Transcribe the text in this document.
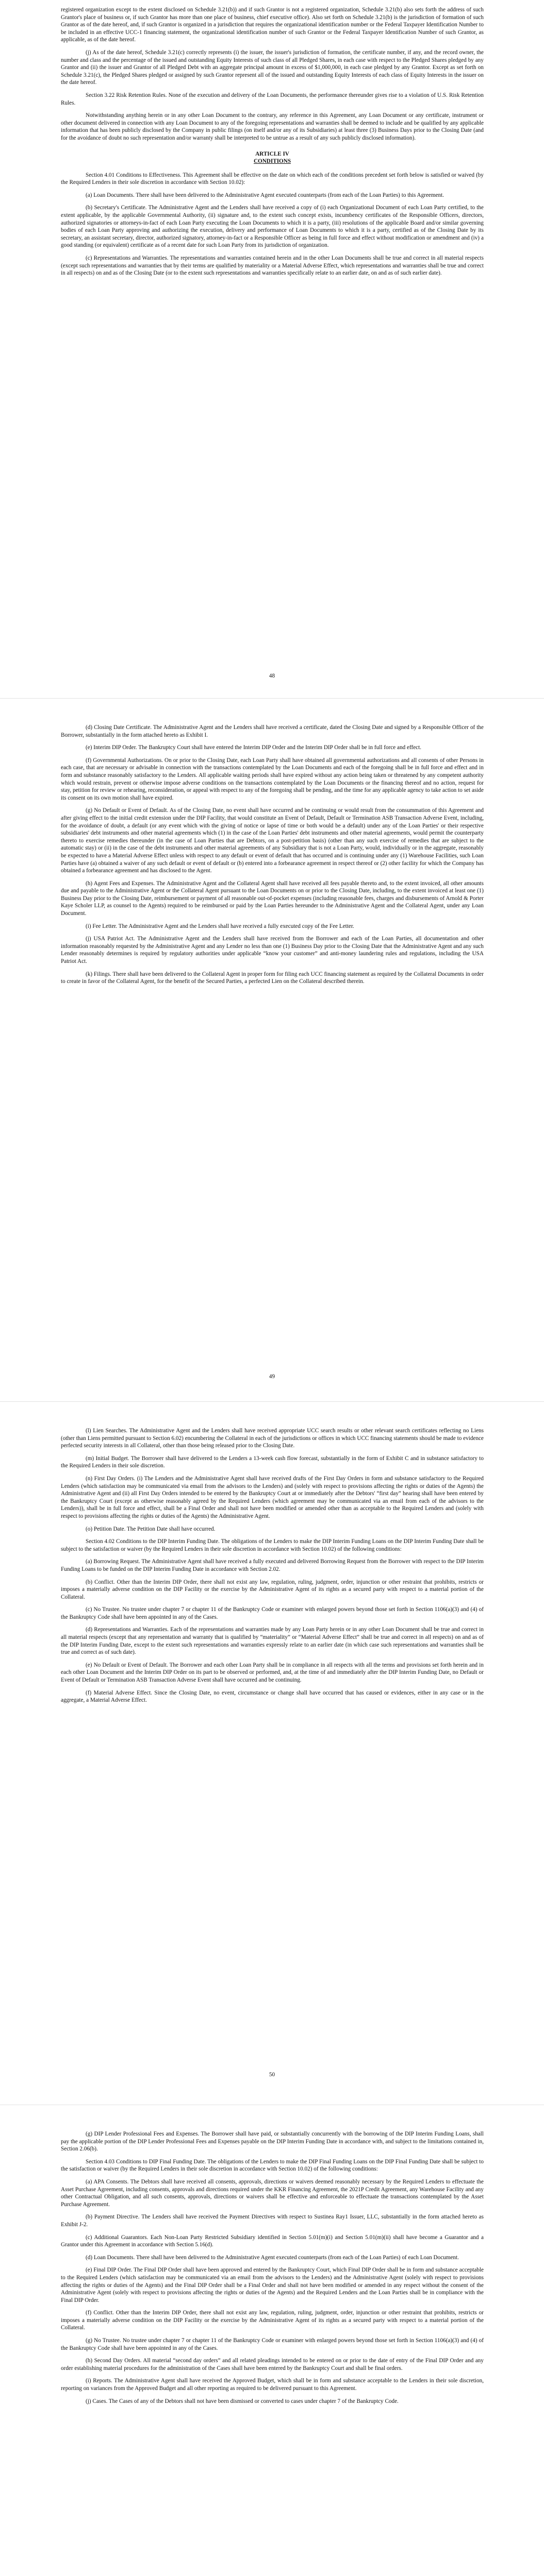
registered organization except to the extent disclosed on Schedule 3.21(b)) and if such Grantor is not a registered organization, Schedule 3.21(b) also sets forth the address of such Grantor's place of business or, if such Grantor has more than one place of business, chief executive office). Also set forth on Schedule 3.21(b) is the jurisdiction of formation of such Grantor as of the date hereof, and, if such Grantor is organized in a jurisdiction that requires the organizational identification number or the Federal Taxpayer Identification Number to be included in an effective UCC-1 financing statement, the organizational identification number of such Grantor or the Federal Taxpayer Identification Number of such Grantor, as applicable, as of the date hereof.

(j) As of the date hereof, Schedule 3.21(c) correctly represents (i) the issuer, the issuer's jurisdiction of formation, the certificate number, if any, and the record owner, the number and class and the percentage of the issued and outstanding Equity Interests of such class of all Pledged Shares, in each case with respect to the Pledged Shares pledged by any Grantor and (ii) the issuer and Grantor of all Pledged Debt with an aggregate principal amount in excess of $1,000,000, in each case pledged by any Grantor. Except as set forth on Schedule 3.21(c), the Pledged Shares pledged or assigned by such Grantor represent all of the issued and outstanding Equity Interests of each class of Equity Interests in the issuer on the date hereof.

Section 3.22 Risk Retention Rules. None of the execution and delivery of the Loan Documents, the performance thereunder gives rise to a violation of U.S. Risk Retention Rules.

Notwithstanding anything herein or in any other Loan Document to the contrary, any reference in this Agreement, any Loan Document or any certificate, instrument or other document delivered in connection with any Loan Document to any of the foregoing representations and warranties shall be deemed to include and be qualified by any applicable information that has been publicly disclosed by the Company in public filings (on itself and/or any of its Subsidiaries) at least three (3) Business Days prior to the Closing Date (and for the avoidance of doubt no such representation and/or warranty shall be interpreted to be untrue as a result of any such publicly disclosed information).

ARTICLE IV

CONDITIONS

Section 4.01 Conditions to Effectiveness. This Agreement shall be effective on the date on which each of the conditions precedent set forth below is satisfied or waived (by the Required Lenders in their sole discretion in accordance with Section 10.02):

(a) Loan Documents. There shall have been delivered to the Administrative Agent executed counterparts (from each of the Loan Parties) to this Agreement.

(b) Secretary's Certificate. The Administrative Agent and the Lenders shall have received a copy of (i) each Organizational Document of each Loan Party certified, to the extent applicable, by the applicable Governmental Authority, (ii) signature and, to the extent such concept exists, incumbency certificates of the Responsible Officers, directors, authorized signatories or attorneys-in-fact of each Loan Party executing the Loan Documents to which it is a party, (iii) resolutions of the applicable Board and/or similar governing bodies of each Loan Party approving and authorizing the execution, delivery and performance of Loan Documents to which it is a party, certified as of the Closing Date by its secretary, an assistant secretary, director, authorized signatory, attorney-in-fact or a Responsible Officer as being in full force and effect without modification or amendment and (iv) a good standing (or equivalent) certificate as of a recent date for such Loan Party from its jurisdiction of organization.

(c) Representations and Warranties. The representations and warranties contained herein and in the other Loan Documents shall be true and correct in all material respects (except such representations and warranties that by their terms are qualified by materiality or a Material Adverse Effect, which representations and warranties shall be true and correct in all respects) on and as of the Closing Date (or to the extent such representations and warranties specifically relate to an earlier date, on and as of such earlier date).

48

(d) Closing Date Certificate. The Administrative Agent and the Lenders shall have received a certificate, dated the Closing Date and signed by a Responsible Officer of the Borrower, substantially in the form attached hereto as Exhibit I.

(e) Interim DIP Order. The Bankruptcy Court shall have entered the Interim DIP Order and the Interim DIP Order shall be in full force and effect.

(f) Governmental Authorizations. On or prior to the Closing Date, each Loan Party shall have obtained all governmental authorizations and all consents of other Persons in each case, that are necessary or advisable in connection with the transactions contemplated by the Loan Documents and each of the foregoing shall be in full force and effect and in form and substance reasonably satisfactory to the Lenders. All applicable waiting periods shall have expired without any action being taken or threatened by any competent authority which would restrain, prevent or otherwise impose adverse conditions on the transactions contemplated by the Loan Documents or the financing thereof and no action, request for stay, petition for review or rehearing, reconsideration, or appeal with respect to any of the foregoing shall be pending, and the time for any applicable agency to take action to set aside its consent on its own motion shall have expired.

(g) No Default or Event of Default. As of the Closing Date, no event shall have occurred and be continuing or would result from the consummation of this Agreement and after giving effect to the initial credit extension under the DIP Facility, that would constitute an Event of Default, Default or Termination ASB Transaction Adverse Event, including, for the avoidance of doubt, a default (or any event which with the giving of notice or lapse of time or both would be a default) under any of the Loan Parties' or their respective subsidiaries' debt instruments and other material agreements which (1) in the case of the Loan Parties' debt instruments and other material agreements, would permit the counterparty thereto to exercise remedies thereunder (in the case of Loan Parties that are Debtors, on a post-petition basis) (other than any such exercise of remedies that are subject to the automatic stay) or (ii) in the case of the debt instruments and other material agreements of any Subsidiary that is not a Loan Party, would, individually or in the aggregate, reasonably be expected to have a Material Adverse Effect unless with respect to any default or event of default that has occurred and is continuing under any (1) Warehouse Facilities, such Loan Parties have (a) obtained a waiver of any such default or event of default or (b) entered into a forbearance agreement in respect thereof or (2) other facility for which the Company has obtained a forbearance agreement and has disclosed to the Agent.

(h) Agent Fees and Expenses. The Administrative Agent and the Collateral Agent shall have received all fees payable thereto and, to the extent invoiced, all other amounts due and payable to the Administrative Agent or the Collateral Agent pursuant to the Loan Documents on or prior to the Closing Date, including, to the extent invoiced at least one (1) Business Day prior to the Closing Date, reimbursement or payment of all reasonable out-of-pocket expenses (including reasonable fees, charges and disbursements of Arnold & Porter Kaye Scholer LLP, as counsel to the Agents) required to be reimbursed or paid by the Loan Parties hereunder to the Administrative Agent and the Collateral Agent, under any Loan Document.

(i) Fee Letter. The Administrative Agent and the Lenders shall have received a fully executed copy of the Fee Letter.

(j) USA Patriot Act. The Administrative Agent and the Lenders shall have received from the Borrower and each of the Loan Parties, all documentation and other information reasonably requested by the Administrative Agent and any Lender no less than one (1) Business Day prior to the Closing Date that the Administrative Agent and any such Lender reasonably determines is required by regulatory authorities under applicable “know your customer” and anti-money laundering rules and regulations, including the USA Patriot Act.

(k) Filings. There shall have been delivered to the Collateral Agent in proper form for filing each UCC financing statement as required by the Collateral Documents in order to create in favor of the Collateral Agent, for the benefit of the Secured Parties, a perfected Lien on the Collateral described therein.

49

(l) Lien Searches. The Administrative Agent and the Lenders shall have received appropriate UCC search results or other relevant search certificates reflecting no Liens (other than Liens permitted pursuant to Section 6.02) encumbering the Collateral in each of the jurisdictions or offices in which UCC financing statements should be made to evidence perfected security interests in all Collateral, other than those being released prior to the Closing Date.

(m) Initial Budget. The Borrower shall have delivered to the Lenders a 13-week cash flow forecast, substantially in the form of Exhibit C and in substance satisfactory to the Required Lenders in their sole discretion.

(n) First Day Orders. (i) The Lenders and the Administrative Agent shall have received drafts of the First Day Orders in form and substance satisfactory to the Required Lenders (which satisfaction may be communicated via email from the advisors to the Lenders) and (solely with respect to provisions affecting the rights or duties of the Agents) the Administrative Agent and (ii) all First Day Orders intended to be entered by the Bankruptcy Court at or immediately after the Debtors' “first day” hearing shall have been entered by the Bankruptcy Court (except as otherwise reasonably agreed by the Required Lenders (which agreement may be communicated via an email from each of the advisors to the Lenders)), shall be in full force and effect, shall be a Final Order and shall not have been modified or amended other than as acceptable to the Required Lenders and (solely with respect to provisions affecting the rights or duties of the Agents) the Administrative Agent.

(o) Petition Date. The Petition Date shall have occurred.

Section 4.02 Conditions to the DIP Interim Funding Date. The obligations of the Lenders to make the DIP Interim Funding Loans on the DIP Interim Funding Date shall be subject to the satisfaction or waiver (by the Required Lenders in their sole discretion in accordance with Section 10.02) of the following conditions:

(a) Borrowing Request. The Administrative Agent shall have received a fully executed and delivered Borrowing Request from the Borrower with respect to the DIP Interim Funding Loans to be funded on the DIP Interim Funding Date in accordance with Section 2.02.

(b) Conflict. Other than the Interim DIP Order, there shall not exist any law, regulation, ruling, judgment, order, injunction or other restraint that prohibits, restricts or imposes a materially adverse condition on the DIP Facility or the exercise by the Administrative Agent of its rights as a secured party with respect to a material portion of the Collateral.

(c) No Trustee. No trustee under chapter 7 or chapter 11 of the Bankruptcy Code or examiner with enlarged powers beyond those set forth in Section 1106(a)(3) and (4) of the Bankruptcy Code shall have been appointed in any of the Cases.

(d) Representations and Warranties. Each of the representations and warranties made by any Loan Party herein or in any other Loan Document shall be true and correct in all material respects (except that any representation and warranty that is qualified by “materiality” or “Material Adverse Effect” shall be true and correct in all respects) on and as of the DIP Interim Funding Date, except to the extent such representations and warranties expressly relate to an earlier date (in which case such representations and warranties shall be true and correct as of such date).

(e) No Default or Event of Default. The Borrower and each other Loan Party shall be in compliance in all respects with all the terms and provisions set forth herein and in each other Loan Document and the Interim DIP Order on its part to be observed or performed, and, at the time of and immediately after the DIP Interim Funding Date, no Default or Event of Default or Termination ASB Transaction Adverse Event shall have occurred and be continuing.

(f) Material Adverse Effect. Since the Closing Date, no event, circumstance or change shall have occurred that has caused or evidences, either in any case or in the aggregate, a Material Adverse Effect.

50

(g) DIP Lender Professional Fees and Expenses. The Borrower shall have paid, or substantially concurrently with the borrowing of the DIP Interim Funding Loans, shall pay the applicable portion of the DIP Lender Professional Fees and Expenses payable on the DIP Interim Funding Date in accordance with, and subject to the limitations contained in, Section 2.06(b).

Section 4.03 Conditions to DIP Final Funding Date. The obligations of the Lenders to make the DIP Final Funding Loans on the DIP Final Funding Date shall be subject to the satisfaction or waiver (by the Required Lenders in their sole discretion in accordance with Section 10.02) of the following conditions:

(a) APA Consents. The Debtors shall have received all consents, approvals, directions or waivers deemed reasonably necessary by the Required Lenders to effectuate the Asset Purchase Agreement, including consents, approvals and directions required under the KKR Financing Agreement, the 2021P Credit Agreement, any Warehouse Facility and any other Contractual Obligation, and all such consents, approvals, directions or waivers shall be effective and enforceable to effectuate the transactions contemplated by the Asset Purchase Agreement.

(b) Payment Directive. The Lenders shall have received the Payment Directives with respect to Sustinea Ray1 Issuer, LLC, substantially in the form attached hereto as Exhibit J-2.

(c) Additional Guarantors. Each Non-Loan Party Restricted Subsidiary identified in Section 5.01(m)(i) and Section 5.01(m)(ii) shall have become a Guarantor and a Grantor under this Agreement in accordance with Section 5.16(d).

(d) Loan Documents. There shall have been delivered to the Administrative Agent executed counterparts (from each of the Loan Parties) of each Loan Document.

(e) Final DIP Order. The Final DIP Order shall have been approved and entered by the Bankruptcy Court, which Final DIP Order shall be in form and substance acceptable to the Required Lenders (which satisfaction may be communicated via an email from the advisors to the Lenders) and the Administrative Agent (solely with respect to provisions affecting the rights or duties of the Agents) and the Final DIP Order shall be a Final Order and shall not have been modified or amended in any respect without the consent of the Administrative Agent (solely with respect to provisions affecting the rights or duties of the Agents) and the Required Lenders and the Loan Parties shall be in compliance with the Final DIP Order.

(f) Conflict. Other than the Interim DIP Order, there shall not exist any law, regulation, ruling, judgment, order, injunction or other restraint that prohibits, restricts or imposes a materially adverse condition on the DIP Facility or the exercise by the Administrative Agent of its rights as a secured party with respect to a material portion of the Collateral.

(g) No Trustee. No trustee under chapter 7 or chapter 11 of the Bankruptcy Code or examiner with enlarged powers beyond those set forth in Section 1106(a)(3) and (4) of the Bankruptcy Code shall have been appointed in any of the Cases.

(h) Second Day Orders. All material “second day orders” and all related pleadings intended to be entered on or prior to the date of entry of the Final DIP Order and any order establishing material procedures for the administration of the Cases shall have been entered by the Bankruptcy Court and shall be final orders.

(i) Reports. The Administrative Agent shall have received the Approved Budget, which shall be in form and substance acceptable to the Lenders in their sole discretion, reporting on variances from the Approved Budget and all other reporting as required to be delivered pursuant to this Agreement.

(j) Cases. The Cases of any of the Debtors shall not have been dismissed or converted to cases under chapter 7 of the Bankruptcy Code.
